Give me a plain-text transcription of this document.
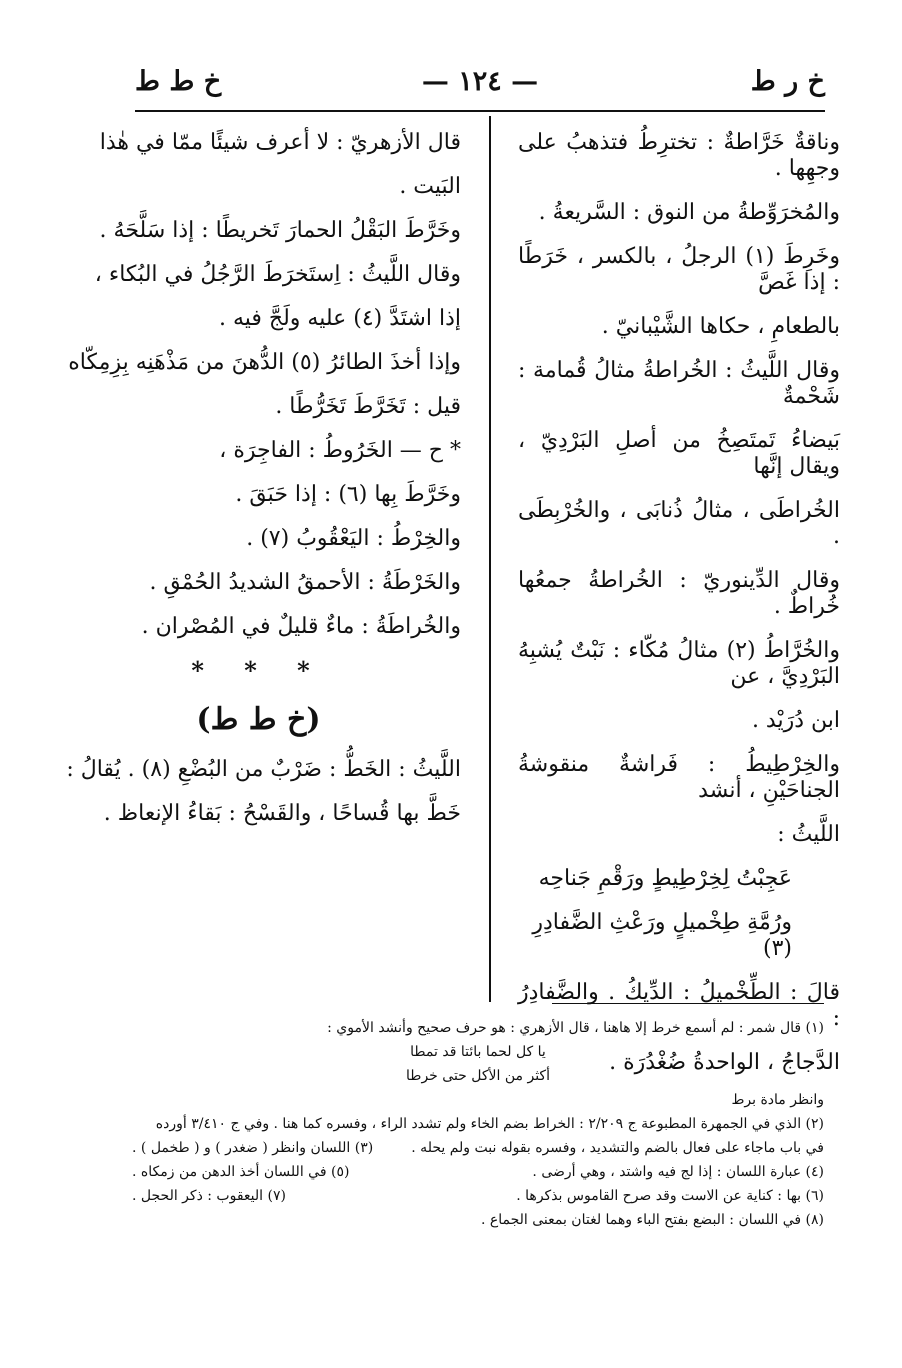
— ١٢٤ —	خ ر ط
خ ط ط

وناقةٌ خَرَّاطةٌ : تخترِطُ فتذهبُ على وجهِها .

والمُخرَوِّطةُ من النوق : السَّريعةُ .

وخَرِطَ (١) الرجلُ ، بالكسر ، خَرَطًا : إذا غَصَّ

بالطعامِ ، حكاها الشَّيْبانيّ .

وقال اللَّيثُ : الخُراطةُ مثالُ قُمامة : شَحْمةٌ

بَيضاءُ تَمتَصِخُ من أصلِ البَرْدِيّ ، ويقال إنَّها

الخُراطَى ، مثالُ ذُنابَى ، والخُرْبِطَى .

وقال الدِّينوريّ : الخُراطةُ جمعُها خُراطٌ .

والخُرَّاطُ (٢) مثالُ مُكّاء : نَبْتٌ يُشبِهُ البَرْدِيَّ ، عن

ابن دُرَيْد .

والخِرْطِيطُ : فَراشةٌ منقوشةُ الجناحَيْنِ ، أنشد

اللَّيثُ :

عَجِبْتُ لِخِرْطِيطٍ ورَقْمِ جَناحِه

ورُمَّةِ طِخْميلٍ ورَعْثِ الضَّفادِرِ (٣)

قالَ : الطِّخْميلُ : الدِّيكُ . والضَّفادِرُ :

الدَّجاجُ ، الواحدةُ ضُغْدُرَة .

قال الأزهريّ : لا أعرف شيئًا ممّا في هٰذا

البَيت .

وخَرَّطَ البَقْلُ الحمارَ تَخريطًا : إذا سَلَّحَهُ .

وقال اللَّيثُ : اِستَخرَطَ الرَّجُلُ في البُكاء ،

إذا اشتَدَّ (٤) عليه ولَجَّ فيه .

وإذا أخذَ الطائرُ (٥) الدُّهنَ من مَذْهَنِه بِزِمِكّاه

قيل : تَخَرَّطَ تَخَرُّطًا .

* ح — الخَرُوطُ : الفاجِرَة ،

وخَرَّطَ بِها (٦) : إذا حَبَقَ .

والخِرْطُ : اليَعْقُوبُ (٧) .

والخَرْطَةُ : الأحمقُ الشديدُ الحُمْقِ .

والخُراطَةُ : ماءٌ قليلٌ في المُصْران .

* * *

(خ ط ط)

اللَّيثُ : الخَطُّ : ضَرْبٌ من البُضْعِ (٨) . يُقالُ :

خَطَّ بها قُساحًا ، والقَسْحُ : بَقاءُ الإنعاظ .

(١) قال شمر : لم أسمع خرط إلا هاهنا ، قال الأزهري : هو حرف صحيح وأنشد الأموي :
يا كل لحما بائتا قد تمطا
أكثر من الأكل حتى خرطا
وانظر مادة برط
(٢) الذي في الجمهرة المطبوعة ج ٢/٢٠٩ : الخراط بضم الخاء ولم تشدد الراء ، وفسره كما هنا . وفي ج ٣/٤١٠ أورده
في باب ماجاء على فعال بالضم والتشديد ، وفسره بقوله نبت ولم يحله .
(٣) اللسان وانظر ( ضغدر ) و ( طخمل ) .
(٤) عبارة اللسان : إذا لج فيه واشتد ، وهي أرضى .
(٥) في اللسان أخذ الدهن من زمكاه .
(٦) بها : كناية عن الاست وقد صرح القاموس بذكرها .
(٧) اليعقوب : ذكر الحجل .
(٨) في اللسان : البضع بفتح الباء وهما لغتان بمعنى الجماع .
